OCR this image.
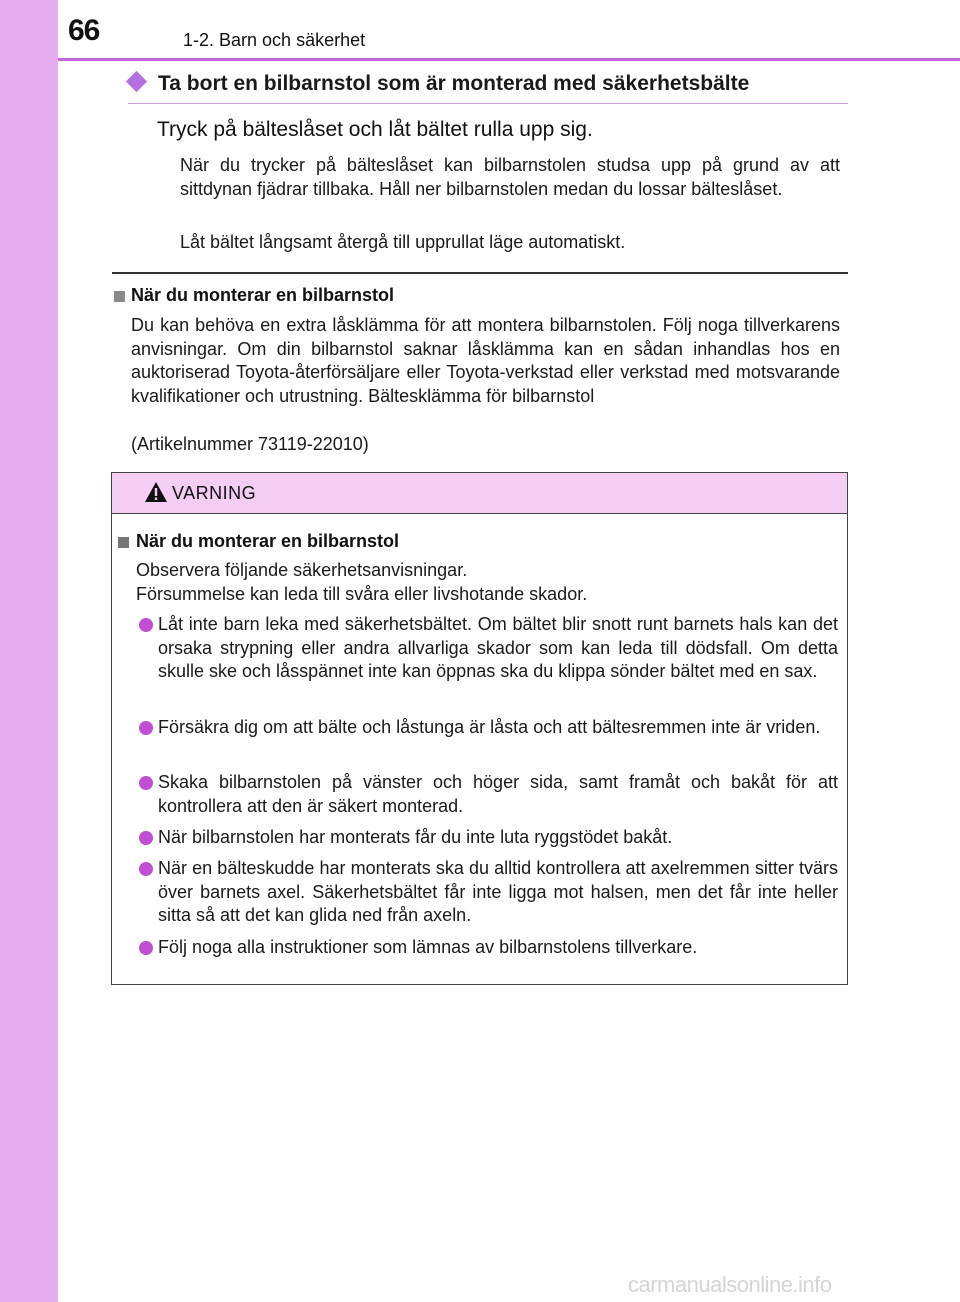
66	1-2. Barn och säkerhet
Ta bort en bilbarnstol som är monterad med säkerhetsbälte
Tryck på bälteslåset och låt bältet rulla upp sig.
När du trycker på bälteslåset kan bilbarnstolen studsa upp på grund av att sittdynan fjädrar tillbaka. Håll ner bilbarnstolen medan du lossar bälteslåset.
Låt bältet långsamt återgå till upprullat läge automatiskt.
När du monterar en bilbarnstol
Du kan behöva en extra låsklämma för att montera bilbarnstolen. Följ noga tillverkarens anvisningar. Om din bilbarnstol saknar låsklämma kan en sådan inhandlas hos en auktoriserad Toyota-återförsäljare eller Toyota-verkstad eller verkstad med motsvarande kvalifikationer och utrustning. Bältesklämma för bilbarnstol
(Artikelnummer 73119-22010)
VARNING
När du monterar en bilbarnstol
Observera följande säkerhetsanvisningar.
Försummelse kan leda till svåra eller livshotande skador.
Låt inte barn leka med säkerhetsbältet. Om bältet blir snott runt barnets hals kan det orsaka strypning eller andra allvarliga skador som kan leda till dödsfall. Om detta skulle ske och låsspännet inte kan öppnas ska du klippa sönder bältet med en sax.
Försäkra dig om att bälte och låstunga är låsta och att bältesremmen inte är vriden.
Skaka bilbarnstolen på vänster och höger sida, samt framåt och bakåt för att kontrollera att den är säkert monterad.
När bilbarnstolen har monterats får du inte luta ryggstödet bakåt.
När en bälteskudde har monterats ska du alltid kontrollera att axelremmen sitter tvärs över barnets axel. Säkerhetsbältet får inte ligga mot halsen, men det får inte heller sitta så att det kan glida ned från axeln.
Följ noga alla instruktioner som lämnas av bilbarnstolens tillverkare.
carmanualsonline.info
